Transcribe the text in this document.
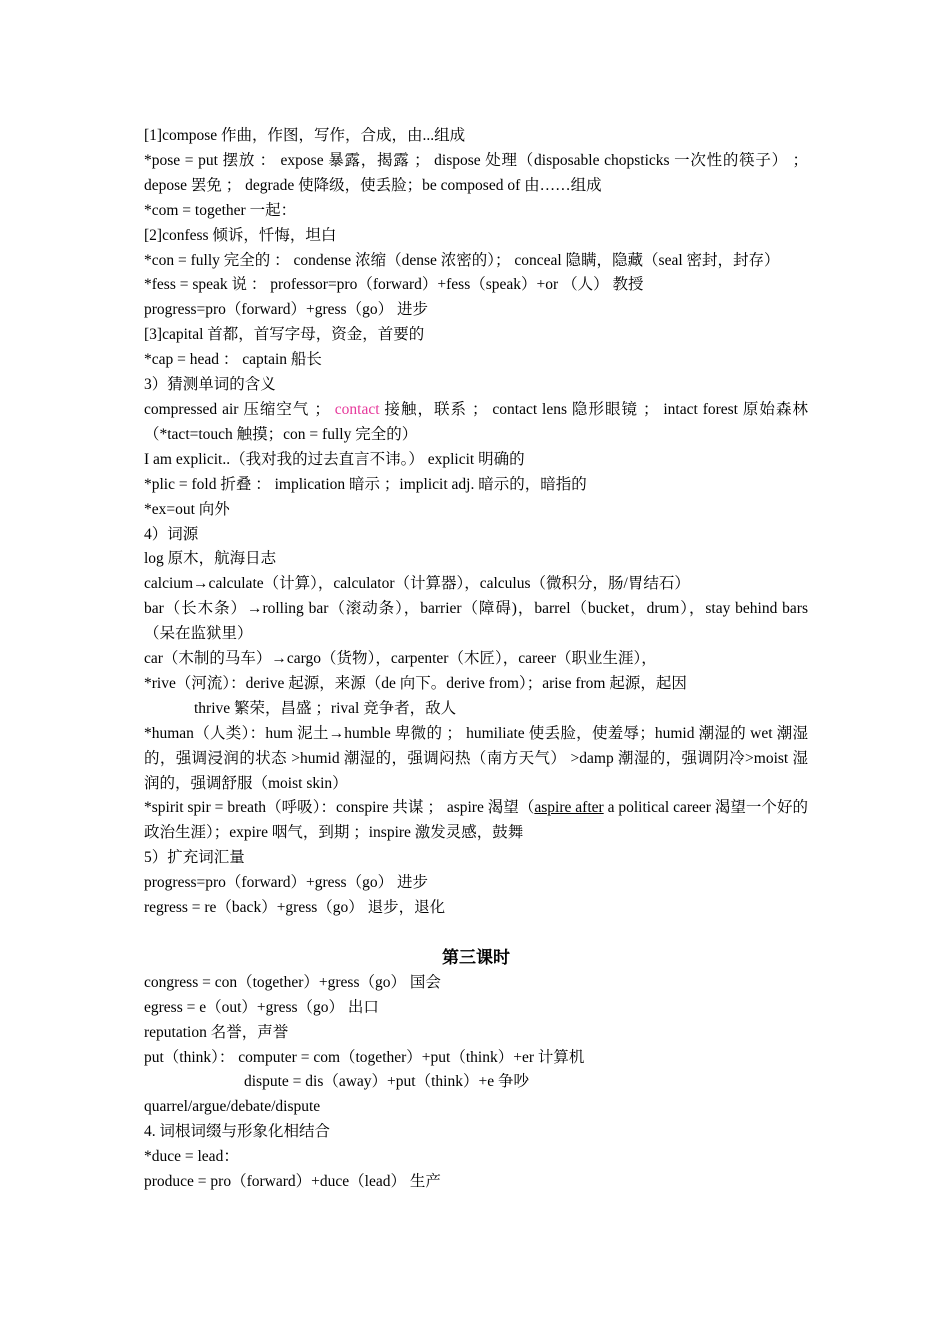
[1]compose 作曲，作图，写作，合成，由...组成
*pose = put 摆放 ： expose 暴露，揭露 ； dispose 处理（disposable chopsticks 一次性的筷子） ； depose 罢免 ； degrade 使降级，使丢脸；be composed of 由……组成
*com = together 一起：
[2]confess 倾诉，忏悔，坦白
*con = fully 完全的 ： condense 浓缩（dense 浓密的）； conceal 隐瞒，隐藏（seal 密封，封存）
*fess = speak 说 ： professor=pro（forward）+fess（speak）+or （人） 教授
progress=pro（forward）+gress（go） 进步
[3]capital 首都，首写字母，资金，首要的
*cap = head ： captain 船长
3）猜测单词的含义
compressed air 压缩空气 ； contact 接触，联系 ； contact lens 隐形眼镜 ； intact forest 原始森林 （*tact=touch 触摸；con = fully 完全的）
I am explicit..（我对我的过去直言不讳。） explicit 明确的
*plic = fold 折叠 ： implication 暗示 ；implicit adj. 暗示的，暗指的
*ex=out 向外
4）词源
log 原木，航海日志
calcium→calculate（计算），calculator（计算器），calculus（微积分，肠/胃结石）
bar（长木条）→rolling bar（滚动条），barrier（障碍)，barrel（bucket，drum），stay behind bars （呆在监狱里）
car（木制的马车）→cargo（货物），carpenter（木匠），career（职业生涯），
*rive（河流）：derive 起源，来源（de 向下。derive from）；arise from 起源，起因
thrive 繁荣，昌盛 ；rival 竞争者，敌人
*human（人类）：hum 泥土→humble 卑微的 ； humiliate 使丢脸，使羞辱；humid 潮湿的 wet 潮湿的，强调浸润的状态 >humid 潮湿的，强调闷热（南方天气） >damp 潮湿的，强调阴冷>moist 湿润的，强调舒服（moist skin）
*spirit spir = breath（呼吸）：conspire 共谋 ； aspire 渴望（aspire after a political career 渴望一个好的政治生涯）；expire 咽气，到期 ；inspire 激发灵感，鼓舞
5）扩充词汇量
progress=pro（forward）+gress（go） 进步
regress = re（back）+gress（go） 退步，退化
第三课时
congress = con（together）+gress（go） 国会
egress = e（out）+gress（go） 出口
reputation 名誉，声誉
put（think）： computer = com（together）+put（think）+er 计算机
dispute = dis（away）+put（think）+e 争吵
quarrel/argue/debate/dispute
4. 词根词缀与形象化相结合
*duce = lead：
produce = pro（forward）+duce（lead） 生产
